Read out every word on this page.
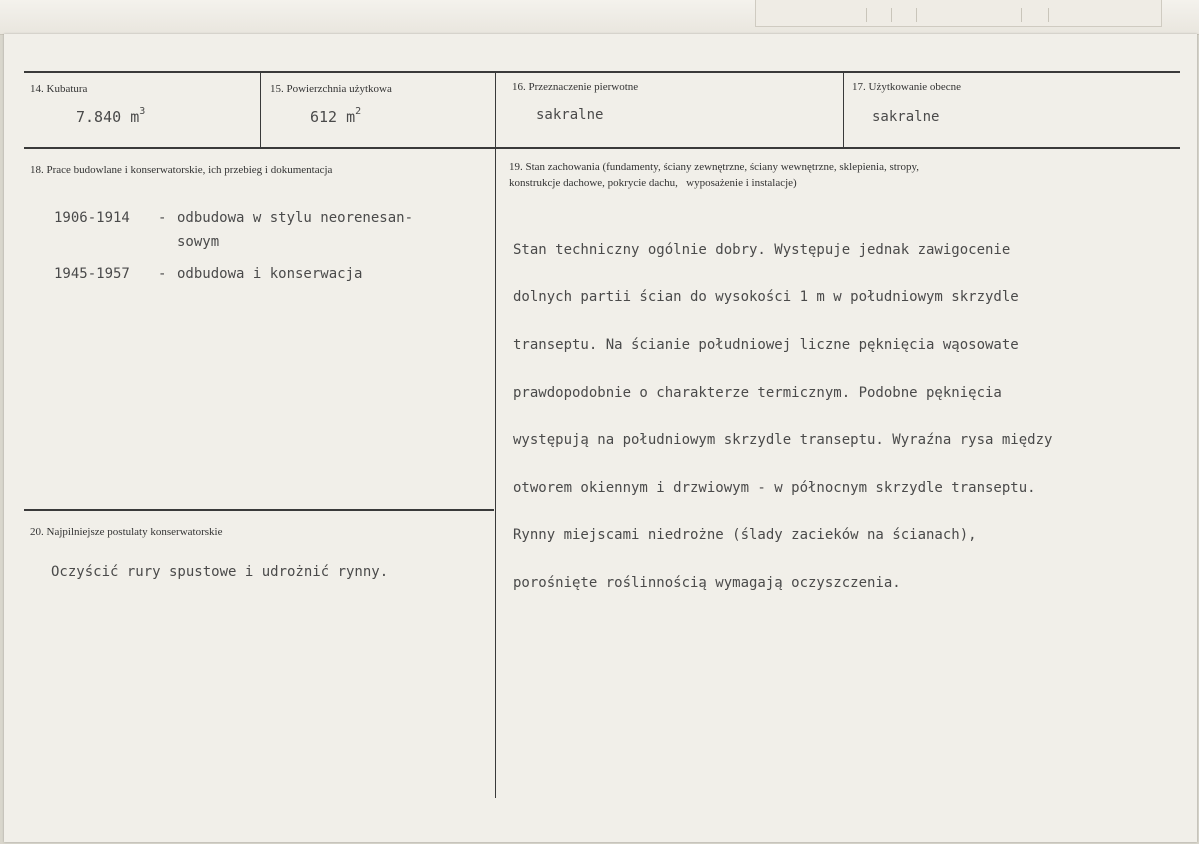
14. Kubatura
7.840 $m^3$
15. Powierzchnia użytkowa
612 $m^2$
16. Przeznaczenie pierwotne
sakralne
17. Użytkowanie obecne
sakralne
18. Prace budowlane i konserwatorskie, ich przebieg i dokumentacja
1906-1914 - odbudowa w stylu neorenesan-
sowym
1945-1957 - odbudowa i konserwacja
19. Stan zachowania (fundamenty, ściany zewnętrzne, ściany wewnętrzne, sklepienia, stropy,
konstrukcje dachowe, pokrycie dachu,   wyposażenie i instalacje)

Stan techniczny ogólnie dobry. Występuje jednak zawigocenie

dolnych partii ścian do wysokości 1 m w południowym skrzydle

transeptu. Na ścianie południowej liczne pęknięcia wąosowate

prawdopodobnie o charakterze termicznym. Podobne pęknięcia

występują na południowym skrzydle transeptu. Wyraźna rysa między

otworem okiennym i drzwiowym - w północnym skrzydle transeptu.

Rynny miejscami niedrożne (ślady zacieków na ścianach),

porośnięte roślinnością wymagają oczyszczenia.

20. Najpilniejsze postulaty konserwatorskie
Oczyścić rury spustowe i udrożnić rynny.
